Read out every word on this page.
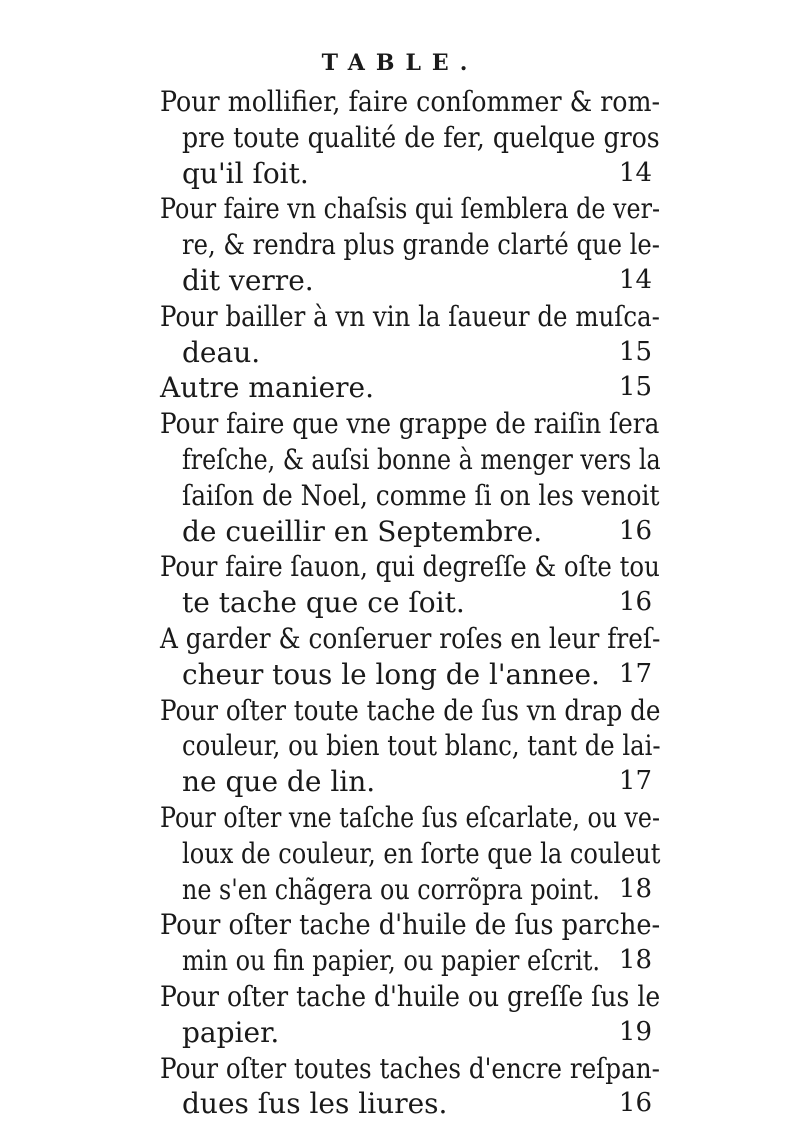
TABLE.
Pour mollifier, faire conſommer & rom-
pre toute qualité de fer, quelque gros
qu'il ſoit.	14
Pour faire vn chaſsis qui ſemblera de ver-
re, & rendra plus grande clarté que le-
dit verre.	14
Pour bailler à vn vin la ſaueur de muſca-
deau.	15
Autre maniere.	15
Pour faire que vne grappe de raiſin ſera
freſche, & auſsi bonne à menger vers la
ſaiſon de Noel, comme ſi on les venoit
de cueillir en Septembre.	16
Pour faire ſauon, qui degreſſe & oſte tou
te tache que ce ſoit.	16
A garder & conſeruer roſes en leur freſ-
cheur tous le long de l'annee. 17
Pour oſter toute tache de ſus vn drap de
couleur, ou bien tout blanc, tant de lai-
ne que de lin.	17
Pour oſter vne taſche ſus eſcarlate, ou ve-
loux de couleur, en ſorte que la couleut
ne s'en chãgera ou corrõpra point. 18
Pour oſter tache d'huile de ſus parche-
min ou fin papier, ou papier eſcrit. 18
Pour oſter tache d'huile ou greſſe ſus le
papier.	19
Pour oſter toutes taches d'encre reſpan-
dues ſus les liures.	16
